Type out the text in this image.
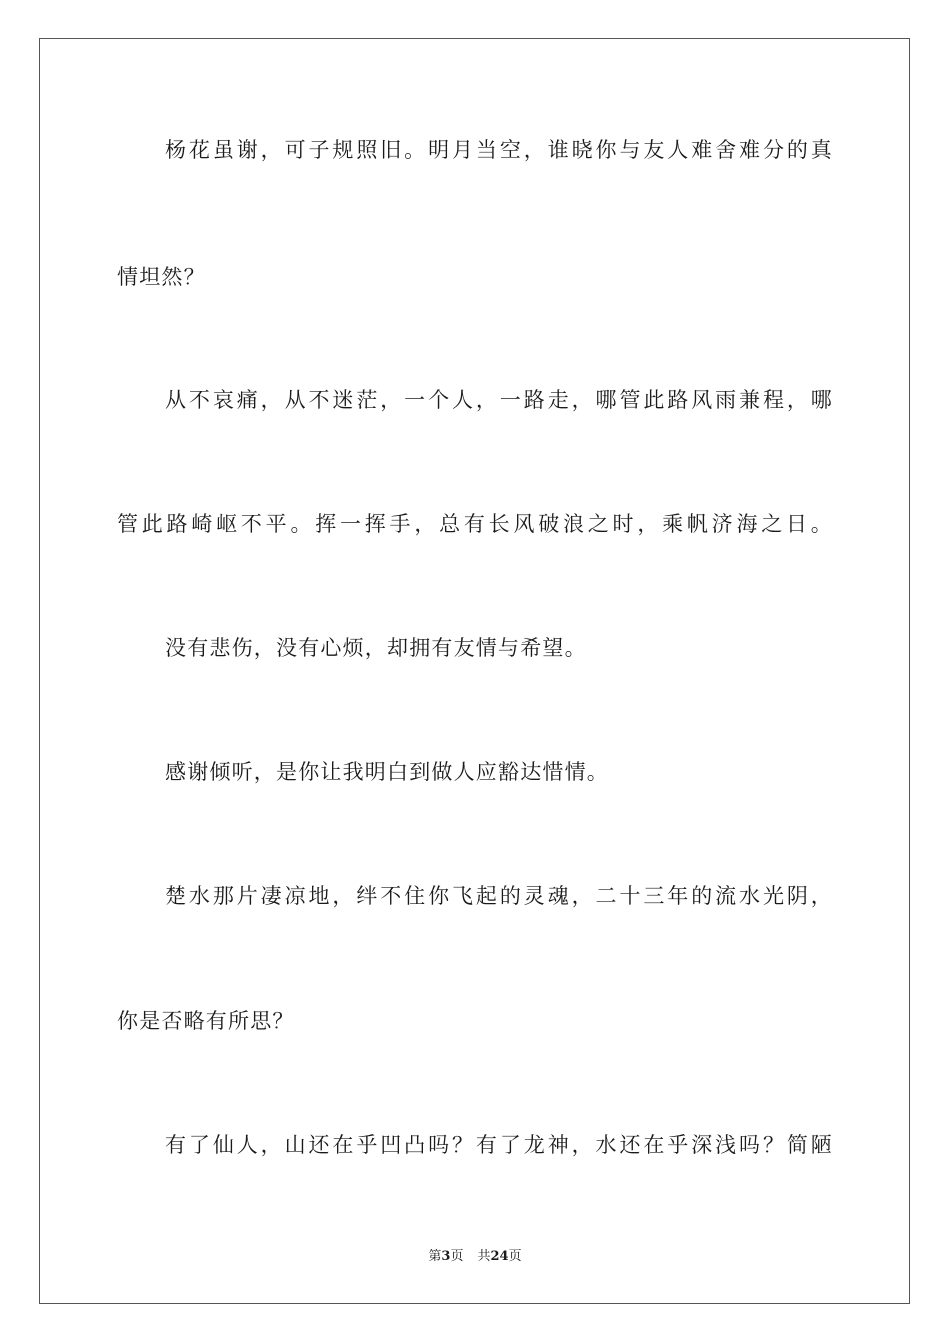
杨花虽谢，可子规照旧。明月当空，谁晓你与友人难舍难分的真
情坦然？
从不哀痛，从不迷茫，一个人，一路走，哪管此路风雨兼程，哪
管此路崎岖不平。挥一挥手，总有长风破浪之时，乘帆济海之日。
没有悲伤，没有心烦，却拥有友情与希望。
感谢倾听，是你让我明白到做人应豁达惜情。
楚水那片凄凉地，绊不住你飞起的灵魂，二十三年的流水光阴，
你是否略有所思？
有了仙人，山还在乎凹凸吗？有了龙神，水还在乎深浅吗？简陋
第3页 共24页
